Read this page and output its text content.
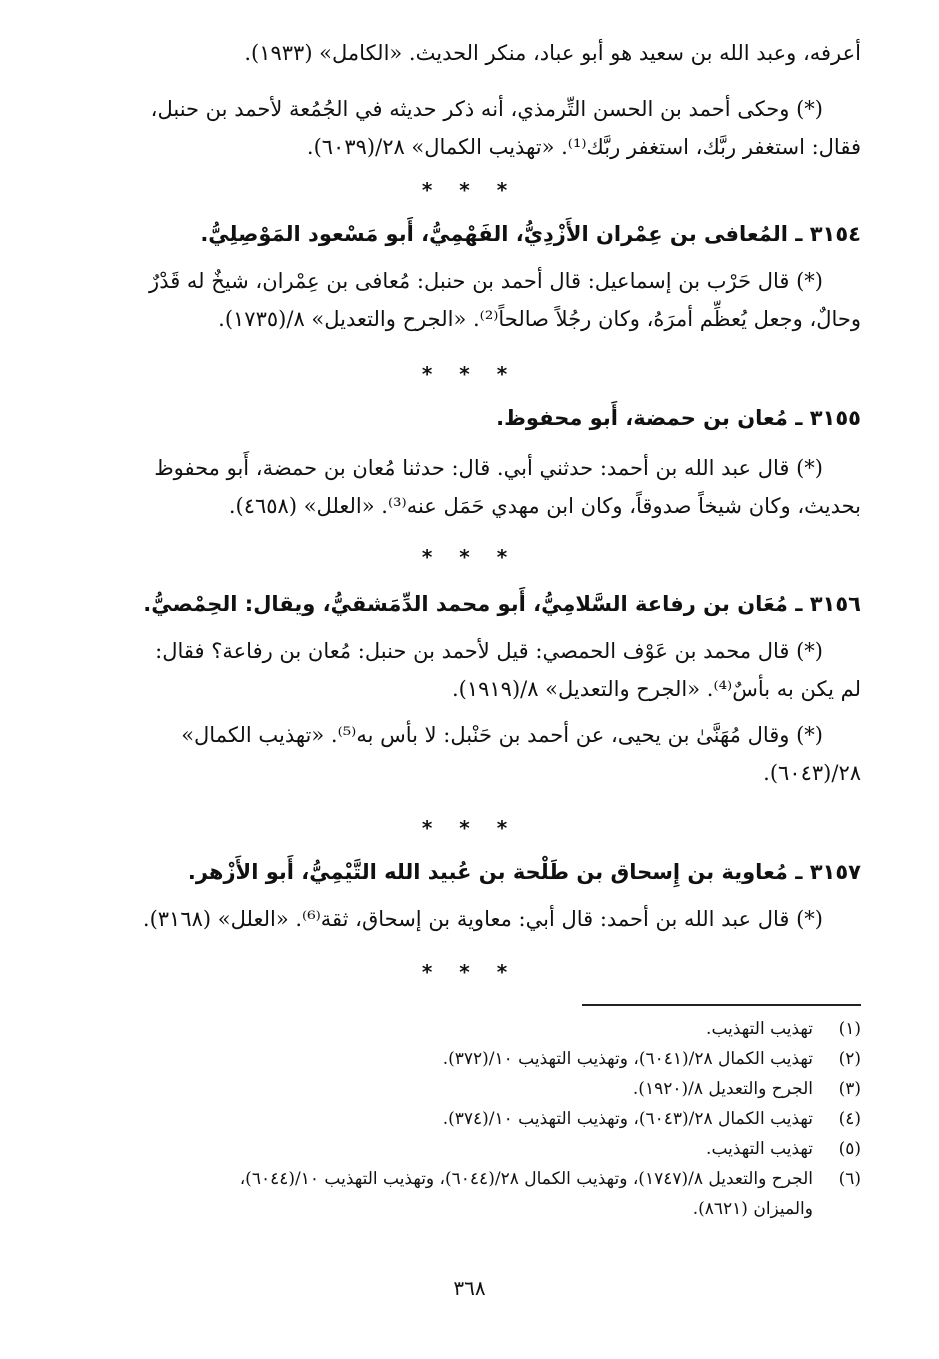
أعرفه، وعبد الله بن سعيد هو أبو عباد، منكر الحديث. «الكامل» (١٩٣٣).
(*) وحكى أحمد بن الحسن التِّرمذي، أنه ذكر حديثه في الجُمُعة لأحمد بن حنبل،
فقال: استغفر ربَّك، استغفر ربَّك⁽¹⁾. «تهذيب الكمال» ٢٨/(٦٠٣٩).
* * *
٣١٥٤ ـ المُعافى بن عِمْران الأَزْدِيُّ، الفَهْمِيُّ، أَبو مَسْعود المَوْصِلِيُّ.
(*) قال حَرْب بن إسماعيل: قال أحمد بن حنبل: مُعافى بن عِمْران، شيخٌ له قَدْرٌ
وحالٌ، وجعل يُعظِّم أمرَهُ، وكان رجُلاً صالحاً⁽²⁾. «الجرح والتعديل» ٨/(١٧٣٥).
* * *
٣١٥٥ ـ مُعان بن حمضة، أَبو محفوظ.
(*) قال عبد الله بن أحمد: حدثني أبي. قال: حدثنا مُعان بن حمضة، أَبو محفوظ
بحديث، وكان شيخاً صدوقاً، وكان ابن مهدي حَمَل عنه⁽³⁾. «العلل» (٤٦٥٨).
* * *
٣١٥٦ ـ مُعَان بن رفاعة السَّلامِيُّ، أَبو محمد الدِّمَشقيُّ، ويقال: الحِمْصيُّ.
(*) قال محمد بن عَوْف الحمصي: قيل لأحمد بن حنبل: مُعان بن رفاعة؟ فقال:
لم يكن به بأسٌ⁽⁴⁾. «الجرح والتعديل» ٨/(١٩١٩).
(*) وقال مُهَنَّىٰ بن يحيى، عن أحمد بن حَنْبل: لا بأس به⁽⁵⁾. «تهذيب الكمال»
٢٨/(٦٠٤٣).
* * *
٣١٥٧ ـ مُعاوية بن إِسحاق بن طَلْحة بن عُبيد الله التَّيْمِيُّ، أَبو الأَزْهر.
(*) قال عبد الله بن أحمد: قال أبي: معاوية بن إسحاق، ثقة⁽⁶⁾. «العلل» (٣١٦٨).
* * *
(١)
تهذيب التهذيب.
(٢)
تهذيب الكمال ٢٨/(٦٠٤١)، وتهذيب التهذيب ١٠/(٣٧٢).
(٣)
الجرح والتعديل ٨/(١٩٢٠).
(٤)
تهذيب الكمال ٢٨/(٦٠٤٣)، وتهذيب التهذيب ١٠/(٣٧٤).
(٥)
تهذيب التهذيب.
(٦)
الجرح والتعديل ٨/(١٧٤٧)، وتهذيب الكمال ٢٨/(٦٠٤٤)، وتهذيب التهذيب ١٠/(٦٠٤٤)،
والميزان (٨٦٢١).
٣٦٨
